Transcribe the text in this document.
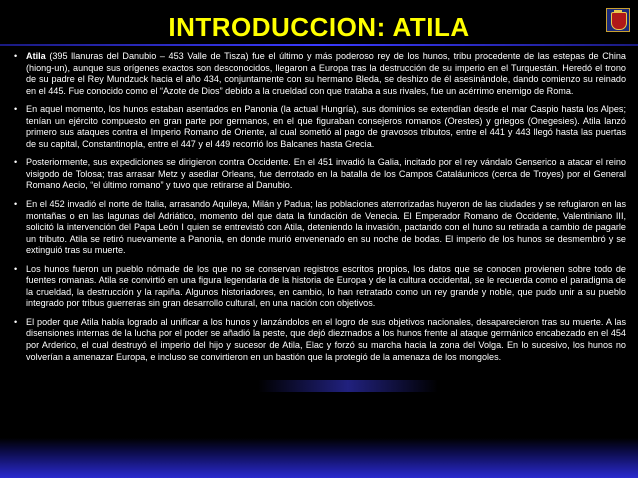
INTRODUCCION: ATILA
• Atila (395 llanuras del Danubio – 453 Valle de Tisza) fue el último y más poderoso rey de los hunos, tribu procedente de las estepas de China (hiong-un), aunque sus orígenes exactos son desconocidos, llegaron a Europa tras la destrucción de su imperio en el Turquestán. Heredó el trono de su padre el Rey Mundzuck hacia el año 434, conjuntamente con su hermano Bleda, se deshizo de él asesinándole, dando comienzo su reinado en el 445. Fue conocido como el “Azote de Dios” debido a la crueldad con que trataba a sus rivales, fue un acérrimo enemigo de Roma.
• En aquel momento, los hunos estaban asentados en Panonia (la actual Hungría), sus dominios se extendían desde el mar Caspio hasta los Alpes; tenían un ejército compuesto en gran parte por germanos, en el que figuraban consejeros romanos (Orestes) y griegos (Onegesies). Atila lanzó primero sus ataques contra el Imperio Romano de Oriente, al cual sometió al pago de gravosos tributos, entre el 441 y 443 llegó hasta las puertas de su capital, Constantinopla, entre el 447 y el 449 recorrió los Balcanes hasta Grecia.
• Posteriormente, sus expediciones se dirigieron contra Occidente. En el 451 invadió la Galia, incitado por el rey vándalo Genserico a atacar el reino visigodo de Tolosa; tras arrasar Metz y asediar Orleans, fue derrotado en la batalla de los Campos Cataláunicos (cerca de Troyes) por el General Romano Aecio, “el último romano” y tuvo que retirarse al Danubio.
• En el 452 invadió el norte de Italia, arrasando Aquileya, Milán y Padua; las poblaciones aterrorizadas huyeron de las ciudades y se refugiaron en las montañas o en las lagunas del Adriático, momento del que data la fundación de Venecia. El Emperador Romano de Occidente, Valentiniano III, solicitó la intervención del Papa León I quien se entrevistó con Atila, deteniendo la invasión, pactando con el huno su retirada a cambio de pagarle un tributo. Atila se retiró nuevamente a Panonia, en donde murió envenenado en su noche de bodas. El imperio de los hunos se desmembró y se extinguió tras su muerte.
• Los hunos fueron un pueblo nómade de los que no se conservan registros escritos propios, los datos que se conocen provienen sobre todo de fuentes romanas. Atila se convirtió en una figura legendaria de la historia de Europa y de la cultura occidental, se le recuerda como el paradigma de la crueldad, la destrucción y la rapiña. Algunos historiadores, en cambio, lo han retratado como un rey grande y noble, que pudo unir a su pueblo integrado por tribus guerreras sin gran desarrollo cultural, en una nación con objetivos.
• El poder que Atila había logrado al unificar a los hunos y lanzándolos en el logro de sus objetivos nacionales, desaparecieron tras su muerte. A las disensiones internas de la lucha por el poder se añadió la peste, que dejó diezmados a los hunos frente al ataque germánico encabezado en el 454 por Arderico, el cual destruyó el imperio del hijo y sucesor de Atila, Elac y forzó su marcha hacia la zona del Volga. En lo sucesivo, los hunos no volverían a amenazar Europa, e incluso se convirtieron en un bastión que la protegió de la amenaza de los mongoles.
